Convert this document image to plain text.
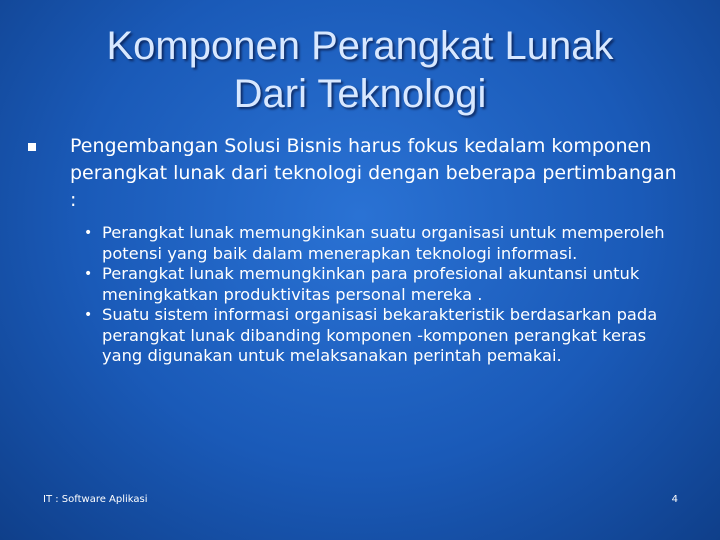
Komponen Perangkat Lunak
Dari Teknologi
Pengembangan Solusi Bisnis harus fokus kedalam komponen perangkat lunak dari teknologi dengan beberapa pertimbangan :
• Perangkat lunak memungkinkan suatu organisasi untuk memperoleh potensi yang baik dalam menerapkan teknologi informasi.
• Perangkat lunak memungkinkan para profesional akuntansi untuk meningkatkan produktivitas personal mereka .
• Suatu sistem informasi organisasi bekarakteristik berdasarkan pada perangkat lunak dibanding komponen -komponen perangkat keras yang digunakan untuk melaksanakan perintah pemakai.
IT : Software Aplikasi	4
